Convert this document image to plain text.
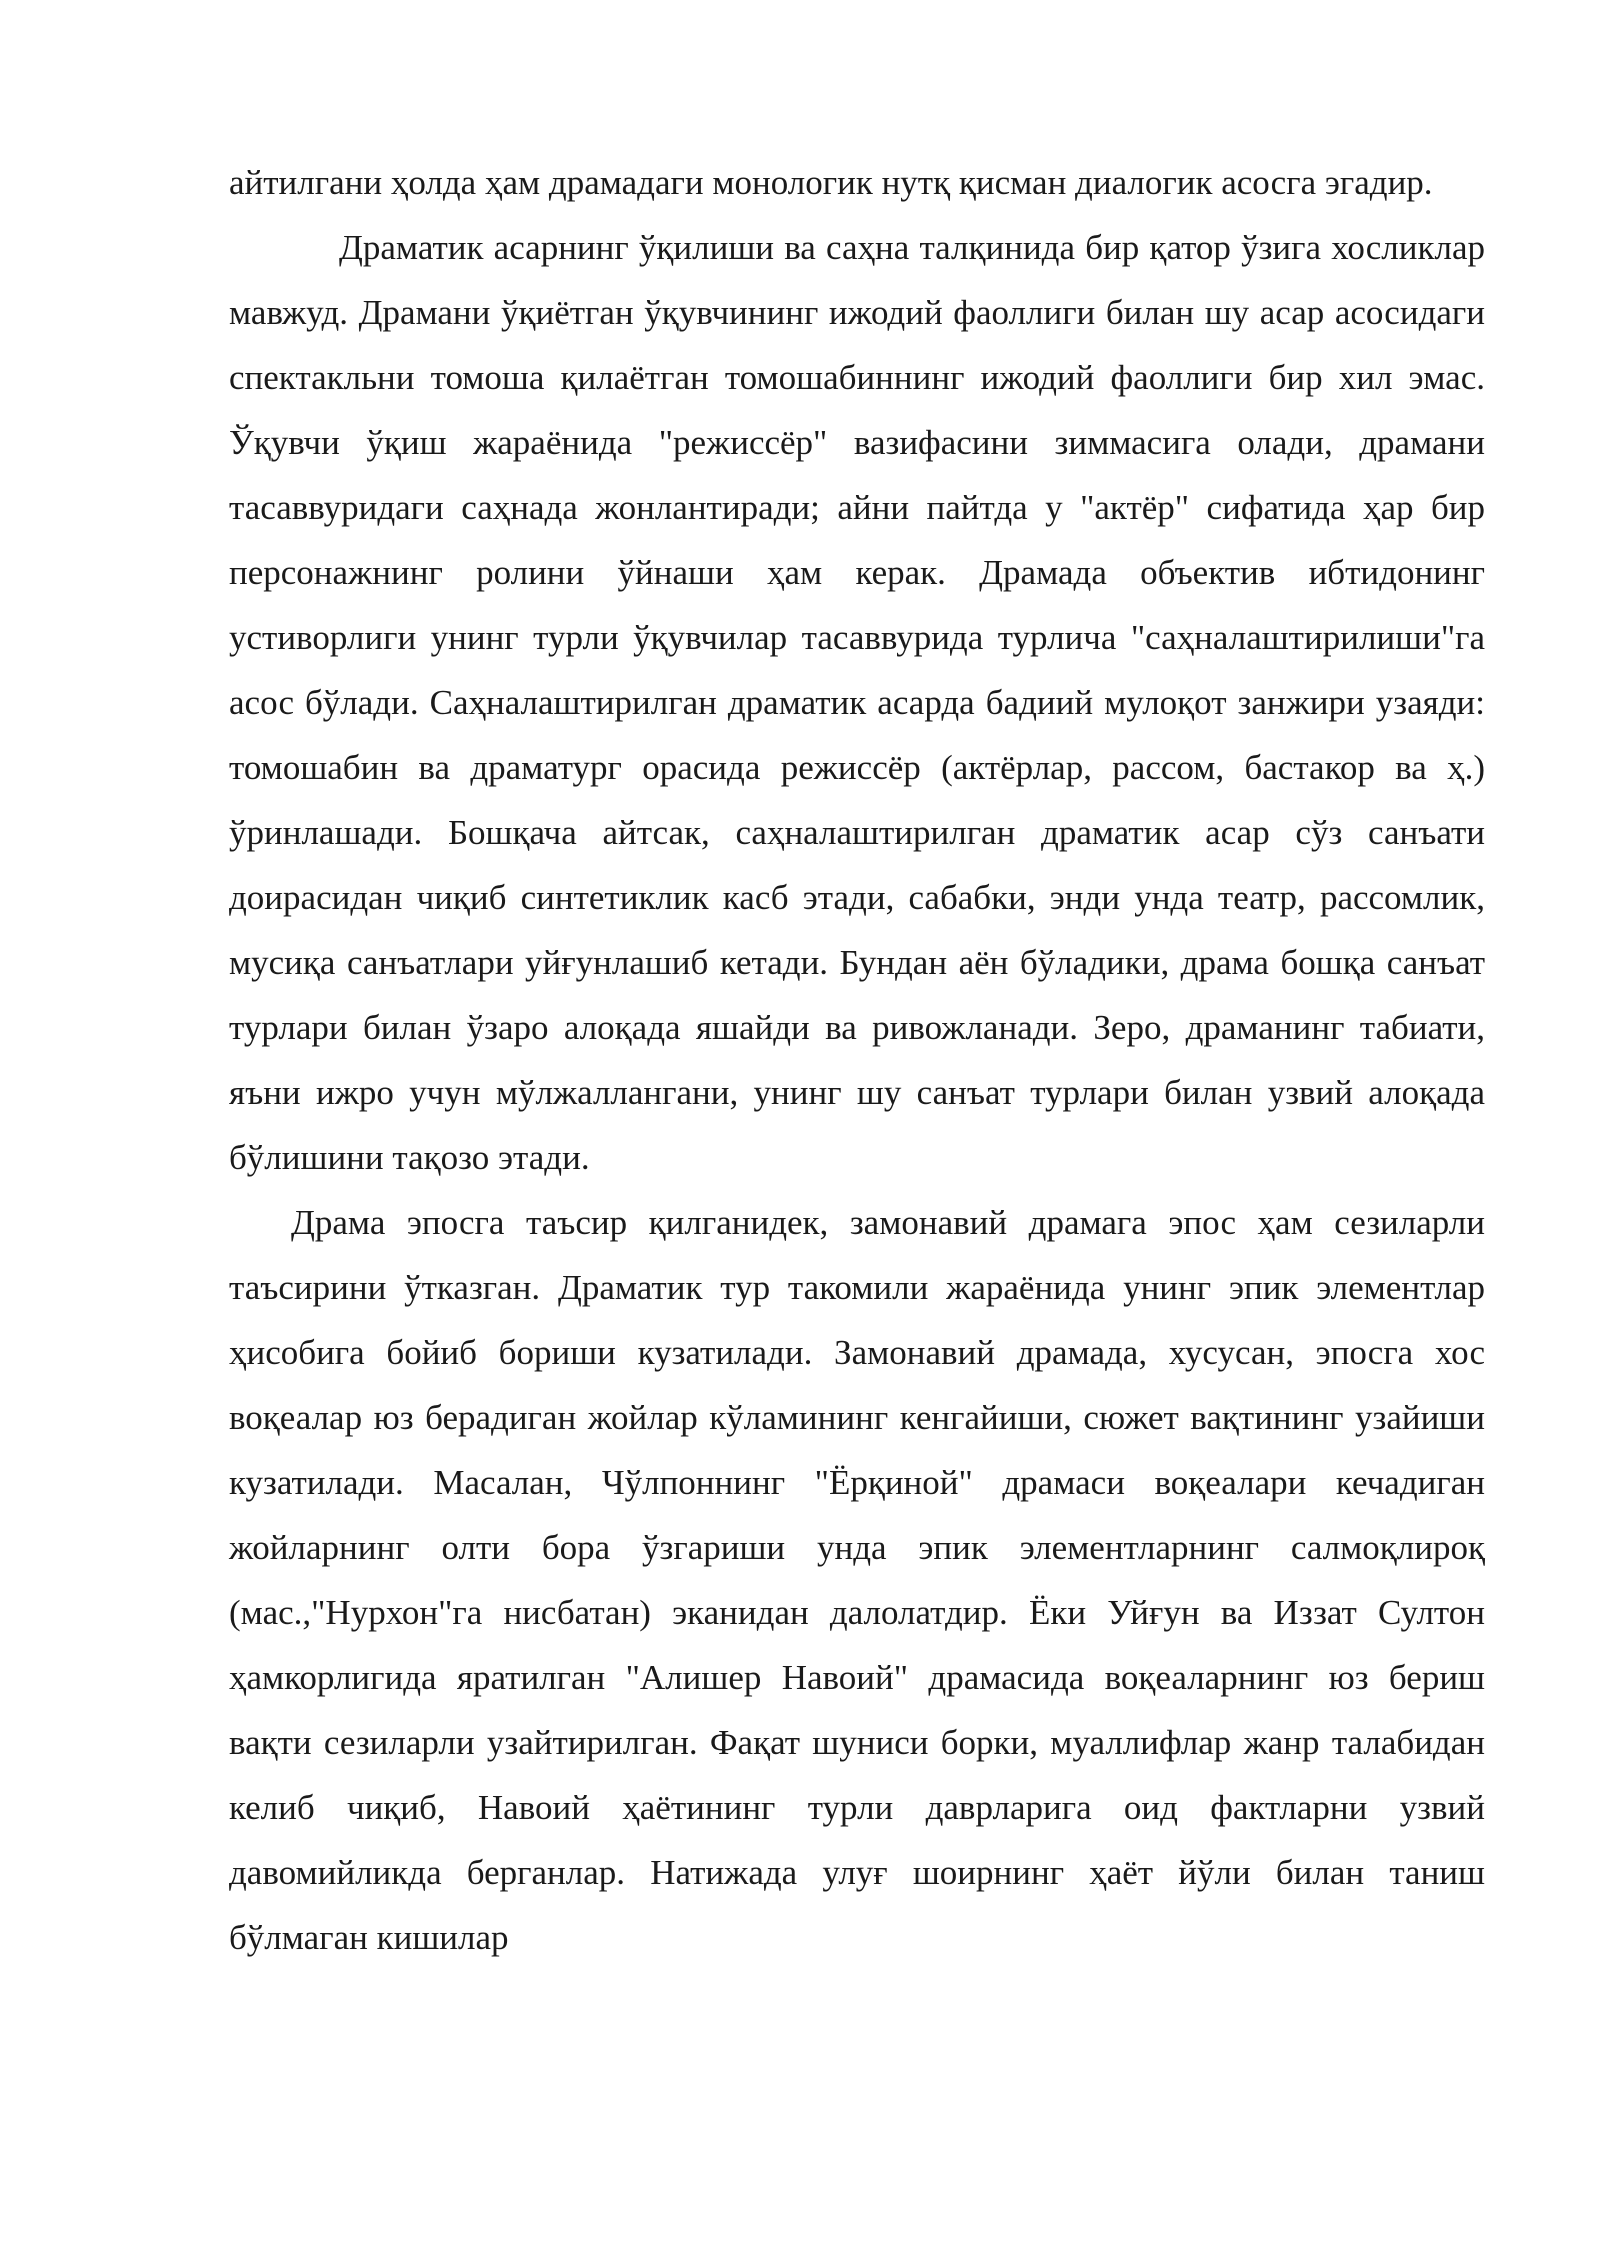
айтилгани ҳолда ҳам драмадаги монологик нутқ қисман диалогик асосга эгадир.

Драматик асарнинг ўқилиши ва саҳна талқинида бир қатор ўзига хосликлар мавжуд. Драмани ўқиётган ўқувчининг ижодий фаоллиги билан шу асар асосидаги спектакльни томоша қилаётган томошабиннинг ижодий фаоллиги бир хил эмас. Ўқувчи ўқиш жараёнида "режиссёр" вазифасини зиммасига олади, драмани тасаввуридаги саҳнада жонлантиради; айни пайтда у "актёр" сифатида ҳар бир персонажнинг ролини ўйнаши ҳам керак. Драмада объектив ибтидонинг устиворлиги унинг турли ўқувчилар тасаввурида турлича "саҳналаштирилиши"га асос бўлади. Саҳналаштирилган драматик асарда бадиий мулоқот занжири узаяди: томошабин ва драматург орасида режиссёр (актёрлар, рассом, бастакор ва ҳ.) ўринлашади. Бошқача айтсак, саҳналаштирилган драматик асар сўз санъати доирасидан чиқиб синтетиклик касб этади, сабабки, энди унда театр, рассомлик, мусиқа санъатлари уйғунлашиб кетади. Бундан аён бўладики, драма бошқа санъат турлари билан ўзаро алоқада яшайди ва ривожланади. Зеро, драманинг табиати, яъни ижро учун мўлжаллангани, унинг шу санъат турлари билан узвий алоқада бўлишини тақозо этади.

Драма эпосга таъсир қилганидек, замонавий драмага эпос ҳам сезиларли таъсирини ўтказган. Драматик тур такомили жараёнида унинг эпик элементлар ҳисобига бойиб бориши кузатилади. Замонавий драмада, хусусан, эпосга хос воқеалар юз берадиган жойлар кўламининг кенгайиши, сюжет вақтининг узайиши кузатилади. Масалан, Чўлпоннинг "Ёрқиной" драмаси воқеалари кечадиган жойларнинг олти бора ўзгариши унда эпик элементларнинг салмоқлироқ (мас.,"Нурхон"га нисбатан) эканидан далолатдир. Ёки Уйғун ва Иззат Султон ҳамкорлигида яратилган "Алишер Навоий" драмасида воқеаларнинг юз бериш вақти сезиларли узайтирилган. Фақат шуниси борки, муаллифлар жанр талабидан келиб чиқиб, Навоий ҳаётининг турли даврларига оид фактларни узвий давомийликда берганлар. Натижада улуғ шоирнинг ҳаёт йўли билан таниш бўлмаган кишилар
